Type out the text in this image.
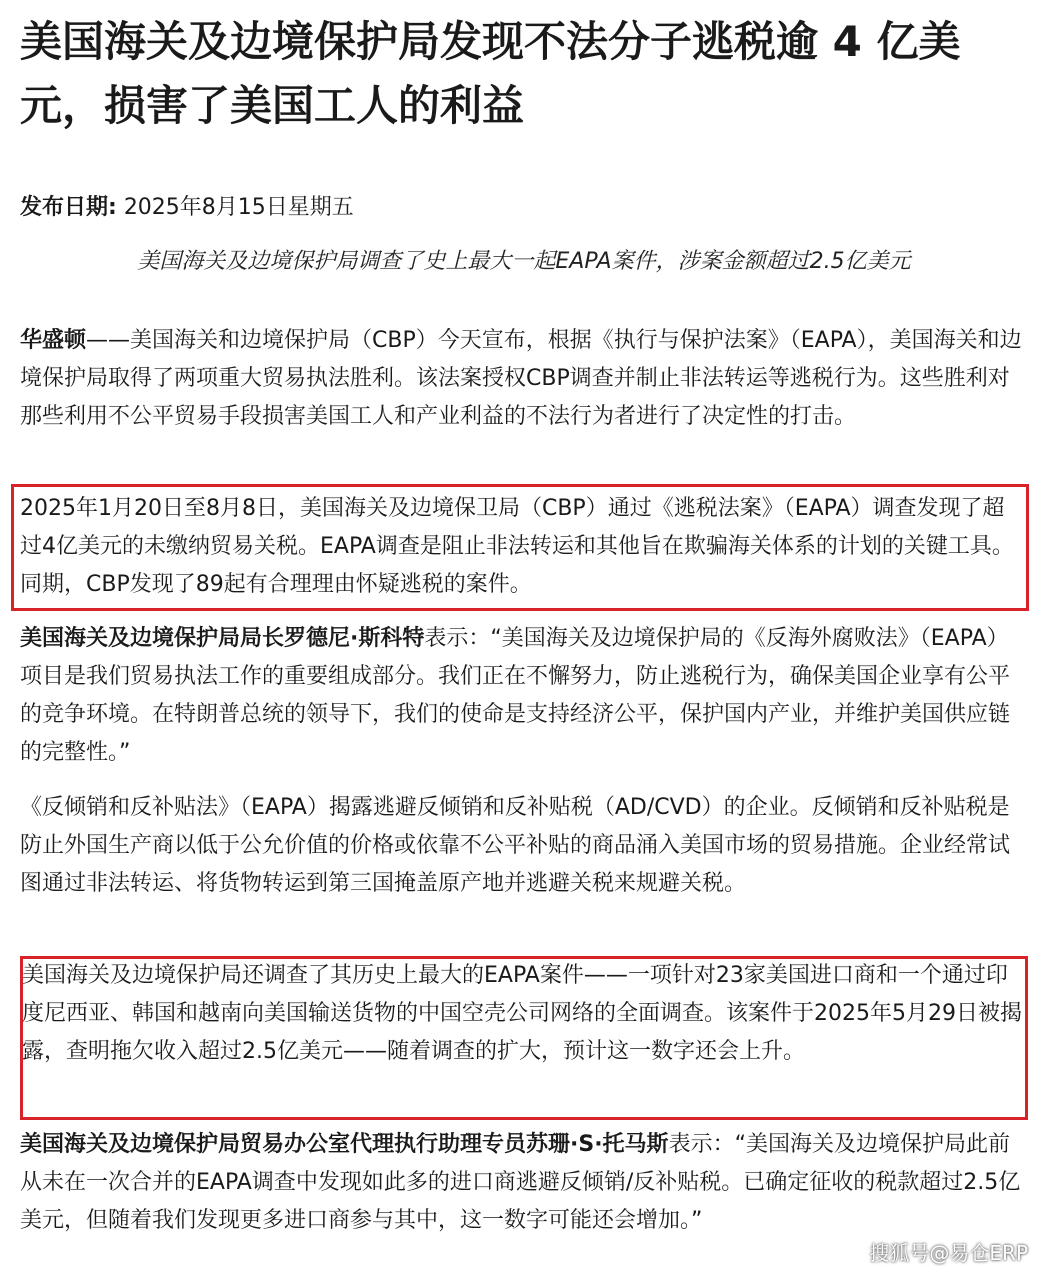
美国海关及边境保护局发现不法分子逃税逾 4 亿美元，损害了美国工人的利益
发布日期: 2025年8月15日星期五
美国海关及边境保护局调查了史上最大一起EAPA案件，涉案金额超过2.5亿美元

华盛顿——美国海关和边境保护局（CBP）今天宣布，根据《执行与保护法案》（EAPA），美国海关和边境保护局取得了两项重大贸易执法胜利。该法案授权CBP调查并制止非法转运等逃税行为。这些胜利对那些利用不公平贸易手段损害美国工人和产业利益的不法行为者进行了决定性的打击。

2025年1月20日至8月8日，美国海关及边境保卫局（CBP）通过《逃税法案》（EAPA）调查发现了超过4亿美元的未缴纳贸易关税。EAPA调查是阻止非法转运和其他旨在欺骗海关体系的计划的关键工具。同期，CBP发现了89起有合理理由怀疑逃税的案件。

美国海关及边境保护局局长罗德尼·斯科特表示：“美国海关及边境保护局的《反海外腐败法》（EAPA）项目是我们贸易执法工作的重要组成部分。我们正在不懈努力，防止逃税行为，确保美国企业享有公平的竞争环境。在特朗普总统的领导下，我们的使命是支持经济公平，保护国内产业，并维护美国供应链的完整性。”

《反倾销和反补贴法》（EAPA）揭露逃避反倾销和反补贴税（AD/CVD）的企业。反倾销和反补贴税是防止外国生产商以低于公允价值的价格或依靠不公平补贴的商品涌入美国市场的贸易措施。企业经常试图通过非法转运、将货物转运到第三国掩盖原产地并逃避关税来规避关税。

美国海关及边境保护局还调查了其历史上最大的EAPA案件——一项针对23家美国进口商和一个通过印度尼西亚、韩国和越南向美国输送货物的中国空壳公司网络的全面调查。该案件于2025年5月29日被揭露，查明拖欠收入超过2.5亿美元——随着调查的扩大，预计这一数字还会上升。

美国海关及边境保护局贸易办公室代理执行助理专员苏珊·S·托马斯表示：“美国海关及边境保护局此前从未在一次合并的EAPA调查中发现如此多的进口商逃避反倾销/反补贴税。已确定征收的税款超过2.5亿美元，但随着我们发现更多进口商参与其中，这一数字可能还会增加。”

搜狐号@易仓ERP
